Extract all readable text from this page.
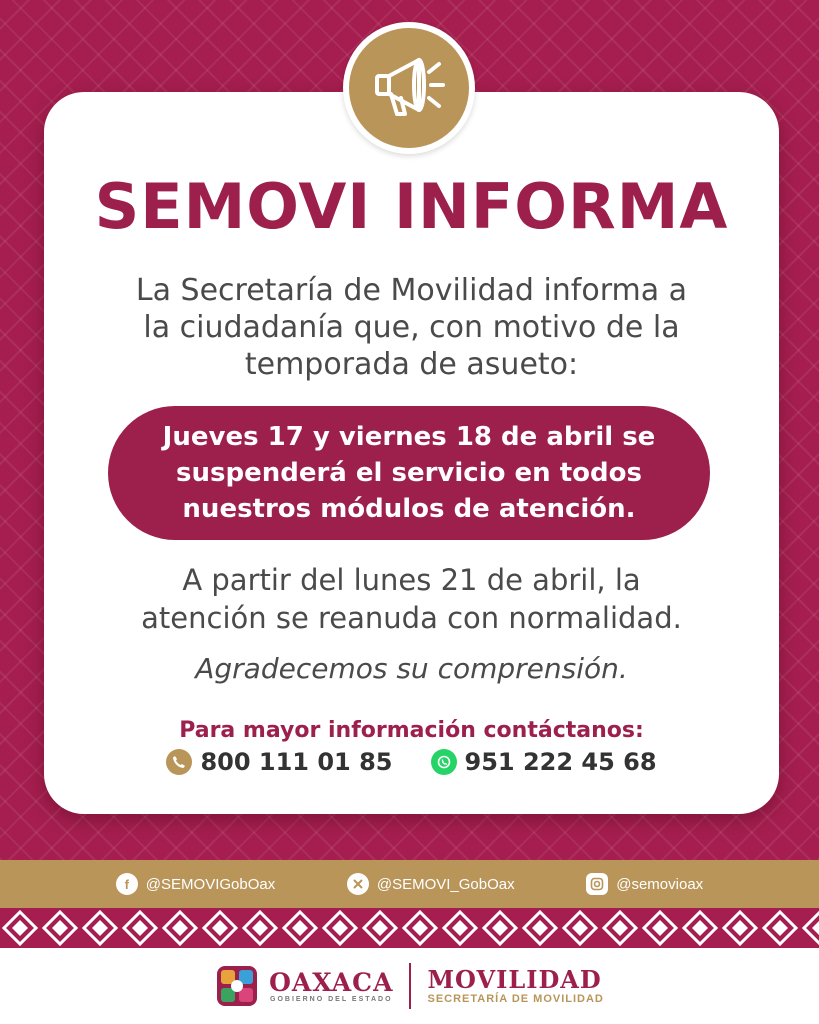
SEMOVI INFORMA
La Secretaría de Movilidad informa a
la ciudadanía que, con motivo de la
temporada de asueto:
Jueves 17 y viernes 18 de abril se
suspenderá el servicio en todos
nuestros módulos de atención.
A partir del lunes 21 de abril, la
atención se reanuda con normalidad.
Agradecemos su comprensión.
Para mayor información contáctanos:
800 111 01 85	951 222 45 68
f	@SEMOVIGobOax	@SEMOVI_GobOax	@semovioax
OAXACA
GOBIERNO DEL ESTADO
MOVILIDAD
SECRETARÍA DE MOVILIDAD
